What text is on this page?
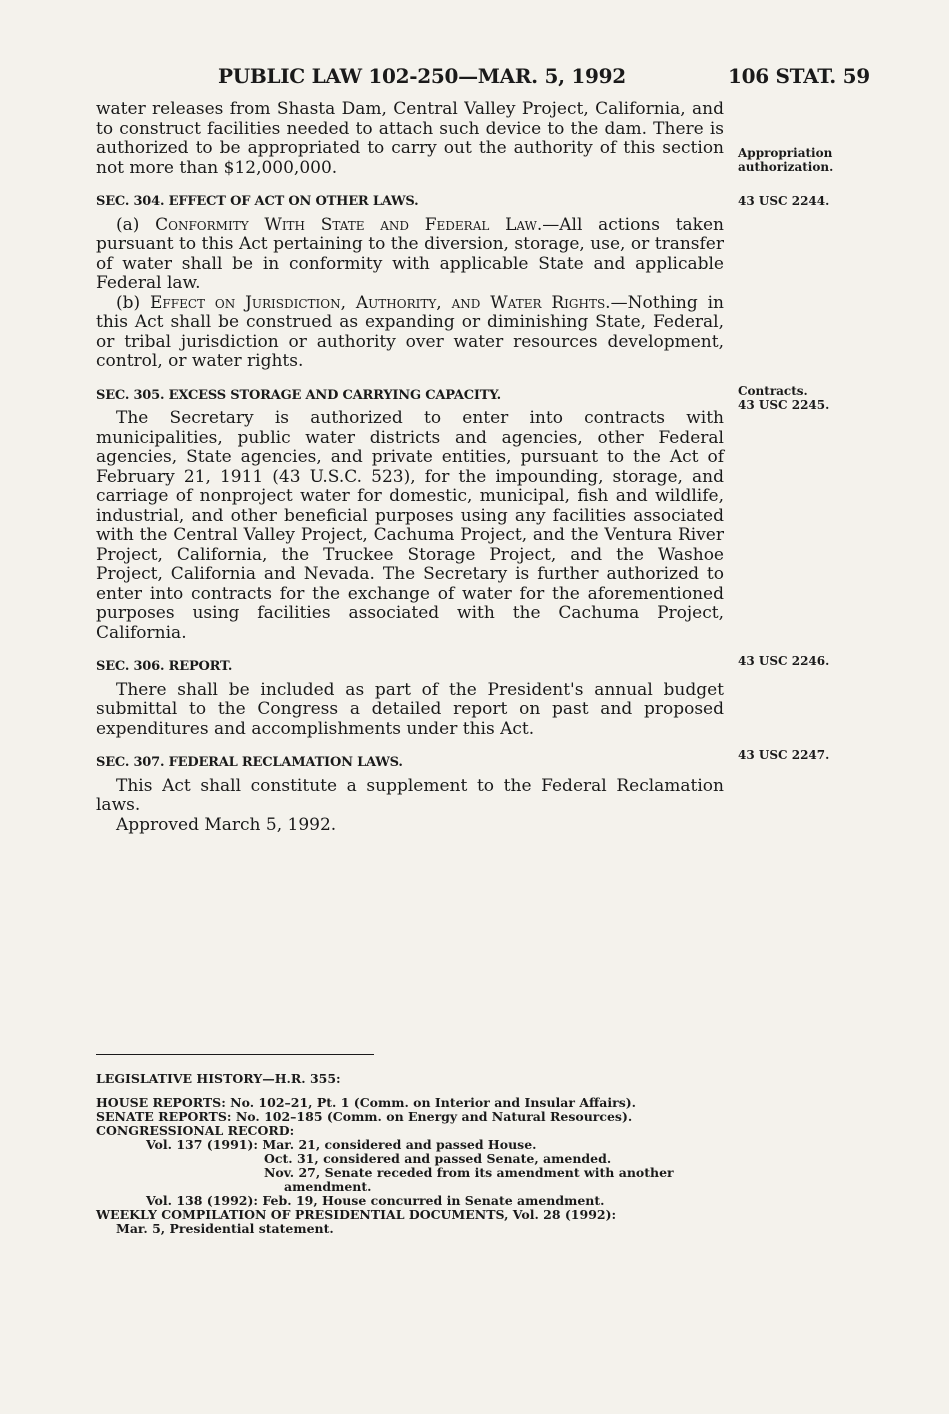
PUBLIC LAW 102-250—MAR. 5, 1992	106 STAT. 59
Appropriation
authorization.
43 USC 2244.
Contracts.
43 USC 2245.
43 USC 2246.
43 USC 2247.

water releases from Shasta Dam, Central Valley Project, California, and to construct facilities needed to attach such device to the dam. There is authorized to be appropriated to carry out the authority of this section not more than $12,000,000.

SEC. 304. EFFECT OF ACT ON OTHER LAWS.

(a) Conformity With State and Federal Law.—All actions taken pursuant to this Act pertaining to the diversion, storage, use, or transfer of water shall be in conformity with applicable State and applicable Federal law.

(b) Effect on Jurisdiction, Authority, and Water Rights.—Nothing in this Act shall be construed as expanding or diminishing State, Federal, or tribal jurisdiction or authority over water resources development, control, or water rights.

SEC. 305. EXCESS STORAGE AND CARRYING CAPACITY.

The Secretary is authorized to enter into contracts with municipalities, public water districts and agencies, other Federal agencies, State agencies, and private entities, pursuant to the Act of February 21, 1911 (43 U.S.C. 523), for the impounding, storage, and carriage of nonproject water for domestic, municipal, fish and wildlife, industrial, and other beneficial purposes using any facilities associated with the Central Valley Project, Cachuma Project, and the Ventura River Project, California, the Truckee Storage Project, and the Washoe Project, California and Nevada. The Secretary is further authorized to enter into contracts for the exchange of water for the aforementioned purposes using facilities associated with the Cachuma Project, California.

SEC. 306. REPORT.

There shall be included as part of the President's annual budget submittal to the Congress a detailed report on past and proposed expenditures and accomplishments under this Act.

SEC. 307. FEDERAL RECLAMATION LAWS.

This Act shall constitute a supplement to the Federal Reclamation laws.

Approved March 5, 1992.

LEGISLATIVE HISTORY—H.R. 355:
HOUSE REPORTS: No. 102–21, Pt. 1 (Comm. on Interior and Insular Affairs).
SENATE REPORTS: No. 102–185 (Comm. on Energy and Natural Resources).
CONGRESSIONAL RECORD:
Vol. 137 (1991): Mar. 21, considered and passed House.
Oct. 31, considered and passed Senate, amended.
Nov. 27, Senate receded from its amendment with another
amendment.
Vol. 138 (1992): Feb. 19, House concurred in Senate amendment.
WEEKLY COMPILATION OF PRESIDENTIAL DOCUMENTS, Vol. 28 (1992):
Mar. 5, Presidential statement.
